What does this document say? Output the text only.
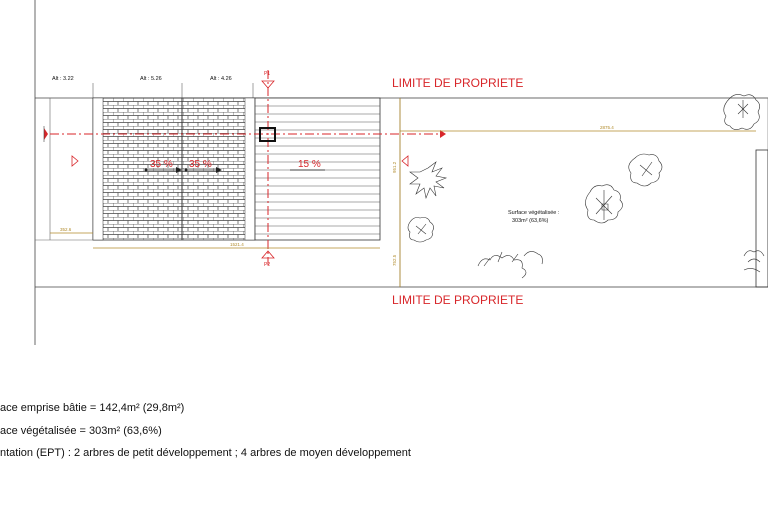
P1
P2
LIMITE DE PROPRIETE
LIMITE DE PROPRIETE
Alt : 3.22	Alt : 5.26	Alt : 4.26
35 % 35 %	15 %
2875.4
352.6
1521.4
951.2
752.5
Surface végétalisée :
303m² (63,6%)
ace emprise bâtie = 142,4m² (29,8m²)
ace végétalisée = 303m² (63,6%)
ntation (EPT) : 2 arbres de petit développement ; 4 arbres de moyen développement
